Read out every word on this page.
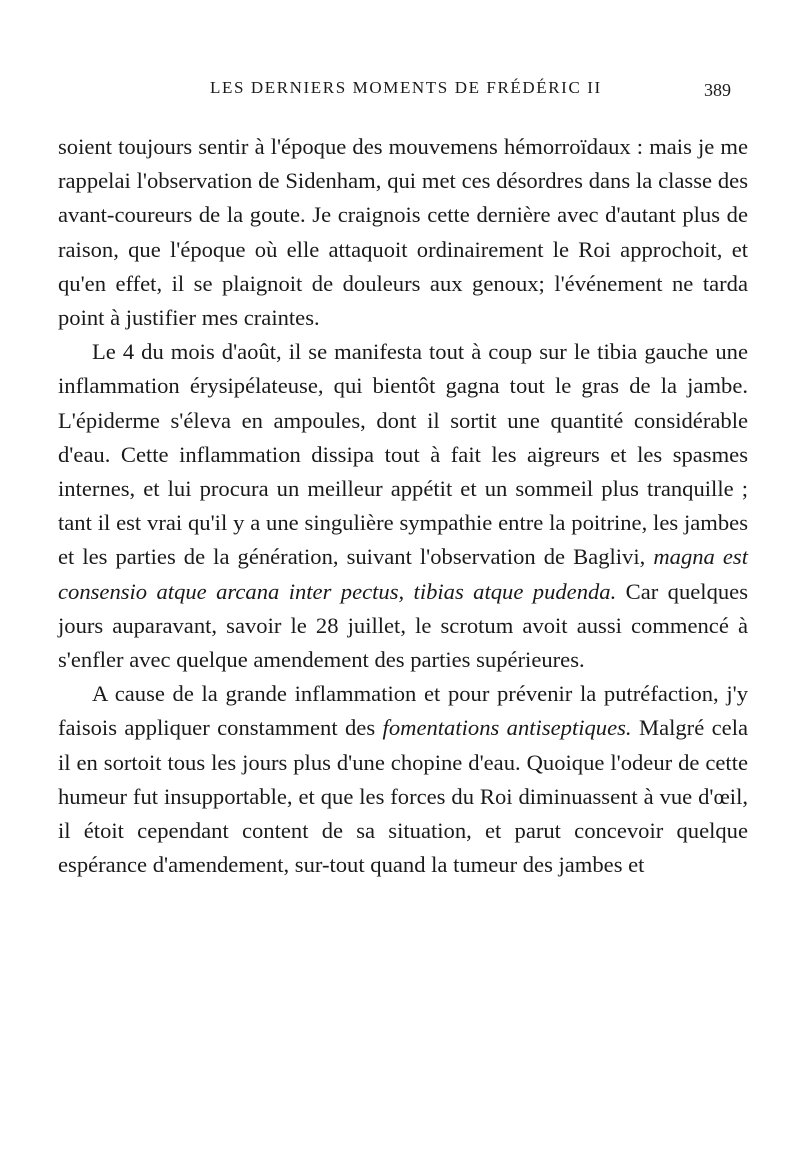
LES DERNIERS MOMENTS DE FRÉDÉRIC II	389

soient toujours sentir à l'époque des mouvemens hémorroïdaux : mais je me rappelai l'observation de Sidenham, qui met ces désordres dans la classe des avant-coureurs de la goute. Je craignois cette dernière avec d'autant plus de raison, que l'époque où elle attaquoit ordinairement le Roi approchoit, et qu'en effet, il se plaignoit de douleurs aux genoux; l'événement ne tarda point à justifier mes craintes.

Le 4 du mois d'août, il se manifesta tout à coup sur le tibia gauche une inflammation érysipélateuse, qui bientôt gagna tout le gras de la jambe. L'épiderme s'éleva en ampoules, dont il sortit une quantité considérable d'eau. Cette inflammation dissipa tout à fait les aigreurs et les spasmes internes, et lui procura un meilleur appétit et un sommeil plus tranquille ; tant il est vrai qu'il y a une singulière sympathie entre la poitrine, les jambes et les parties de la génération, suivant l'observation de Baglivi, magna est consensio atque arcana inter pectus, tibias atque pudenda. Car quelques jours auparavant, savoir le 28 juillet, le scrotum avoit aussi commencé à s'enfler avec quelque amendement des parties supérieures.

A cause de la grande inflammation et pour prévenir la putréfaction, j'y faisois appliquer constamment des fomentations antiseptiques. Malgré cela il en sortoit tous les jours plus d'une chopine d'eau. Quoique l'odeur de cette humeur fut insupportable, et que les forces du Roi diminuassent à vue d'œil, il étoit cependant content de sa situation, et parut concevoir quelque espérance d'amendement, sur-tout quand la tumeur des jambes et
